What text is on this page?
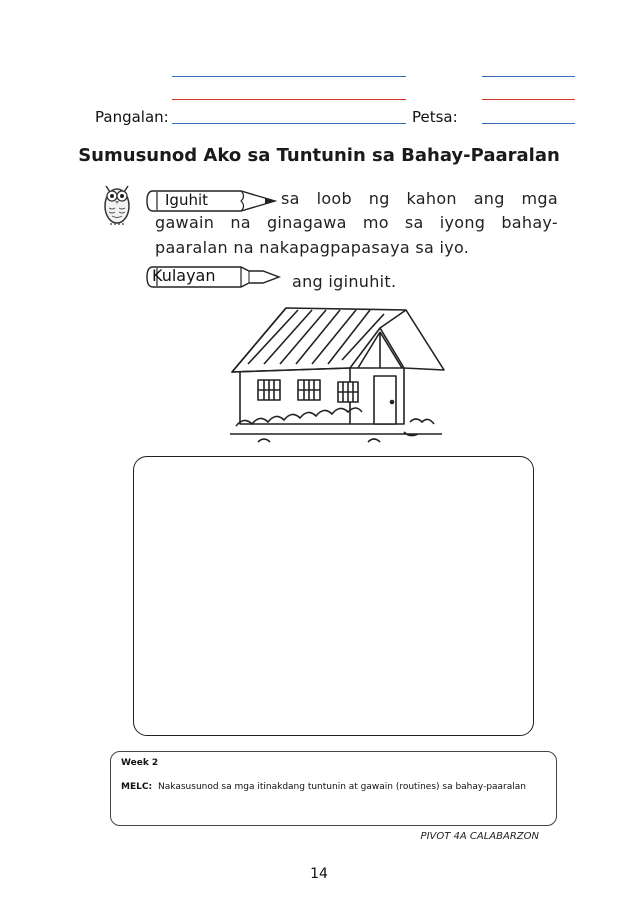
Pangalan:	Petsa:
Sumusunod Ako sa Tuntunin sa Bahay-Paaralan
Iguhit	sa loob ng kahon ang mga
gawain na ginagawa mo sa iyong bahay-
paaralan na nakapagpapasaya sa iyo.
Kulayan	ang iginuhit.
Week 2
MELC: Nakasusunod sa mga itinakdang tuntunin at gawain (routines) sa bahay-paaralan
PIVOT 4A CALABARZON
14
